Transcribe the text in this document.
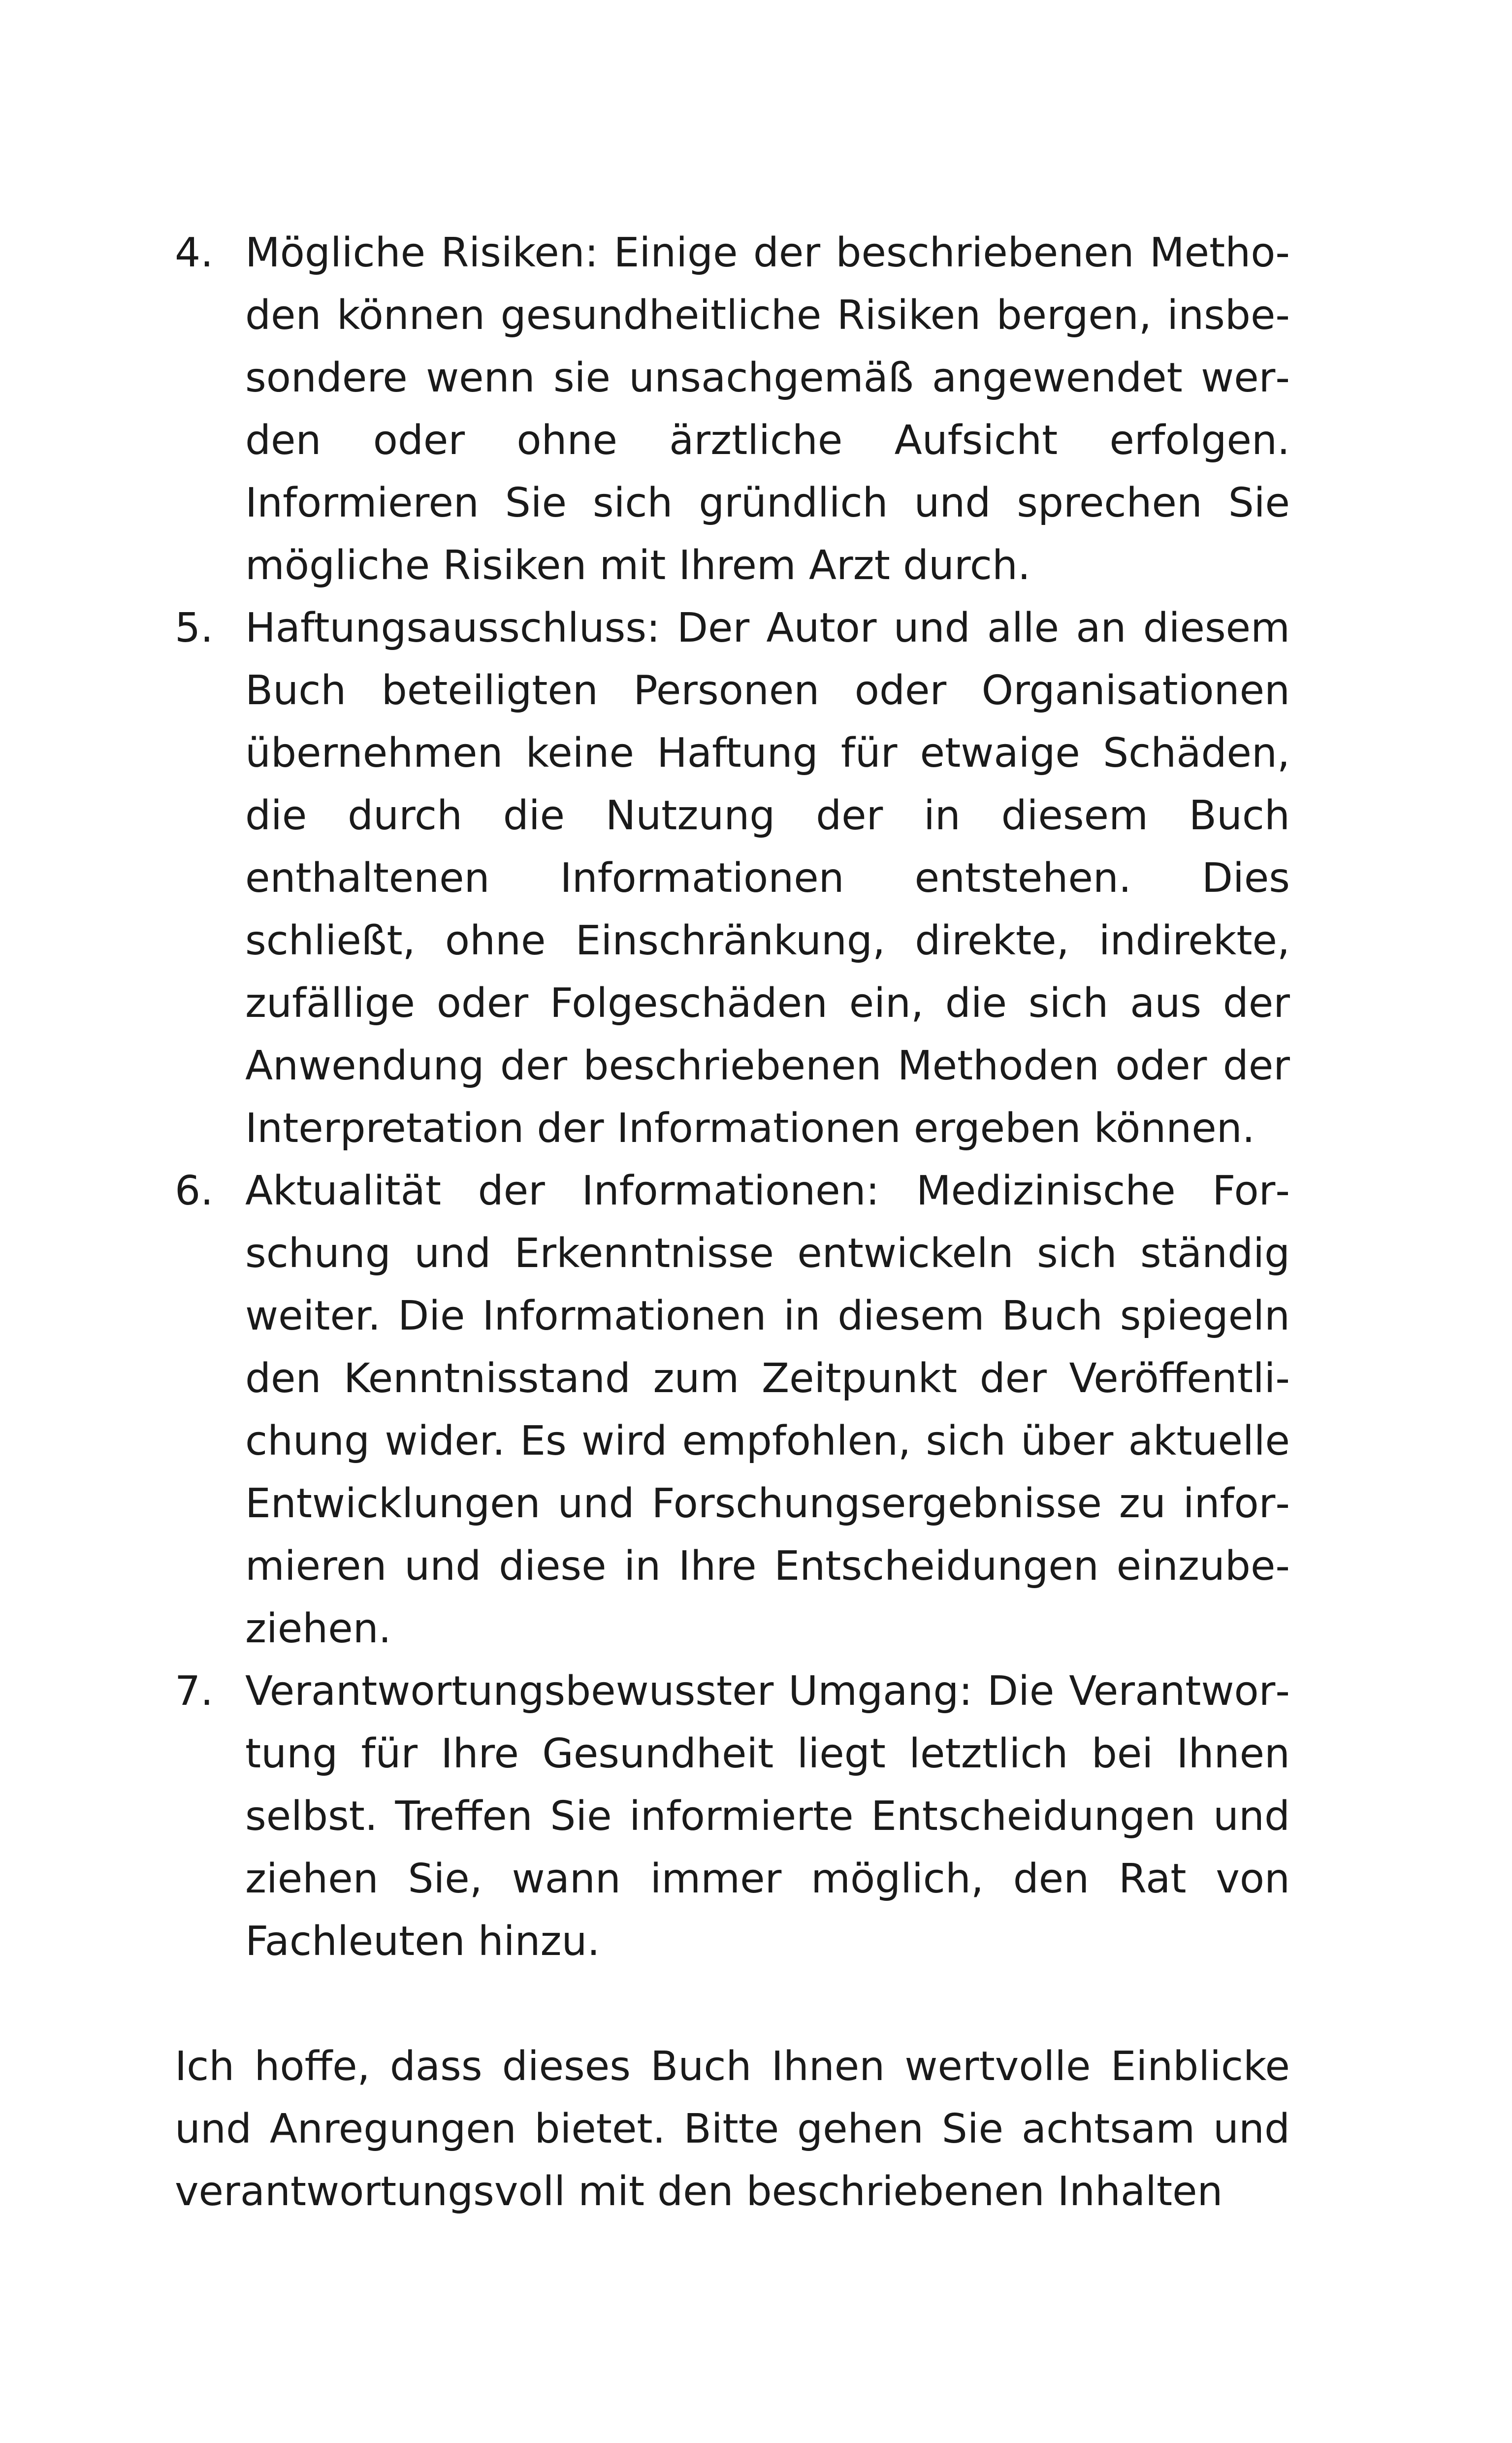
4. Mögliche Risiken: Einige der beschriebenen Methoden können gesundheitliche Risiken bergen, insbesondere wenn sie unsachgemäß angewendet werden oder ohne ärztliche Aufsicht erfolgen. Informieren Sie sich gründlich und sprechen Sie mögliche Risiken mit Ihrem Arzt durch.
5. Haftungsausschluss: Der Autor und alle an diesem Buch beteiligten Personen oder Organisationen übernehmen keine Haftung für etwaige Schäden, die durch die Nutzung der in diesem Buch enthaltenen Informationen entstehen. Dies schließt, ohne Einschränkung, direkte, indirekte, zufällige oder Folgeschäden ein, die sich aus der Anwendung der beschriebenen Methoden oder der Interpretation der Informationen ergeben können.
6. Aktualität der Informationen: Medizinische Forschung und Erkenntnisse entwickeln sich ständig weiter. Die Informationen in diesem Buch spiegeln den Kenntnisstand zum Zeitpunkt der Veröffentlichung wider. Es wird empfohlen, sich über aktuelle Entwicklungen und Forschungsergebnisse zu informieren und diese in Ihre Entscheidungen einzubeziehen.
7. Verantwortungsbewusster Umgang: Die Verantwortung für Ihre Gesundheit liegt letztlich bei Ihnen selbst. Treffen Sie informierte Entscheidungen und ziehen Sie, wann immer möglich, den Rat von Fachleuten hinzu.

Ich hoffe, dass dieses Buch Ihnen wertvolle Einblicke und Anregungen bietet. Bitte gehen Sie achtsam und verantwortungsvoll mit den beschriebenen Inhalten
